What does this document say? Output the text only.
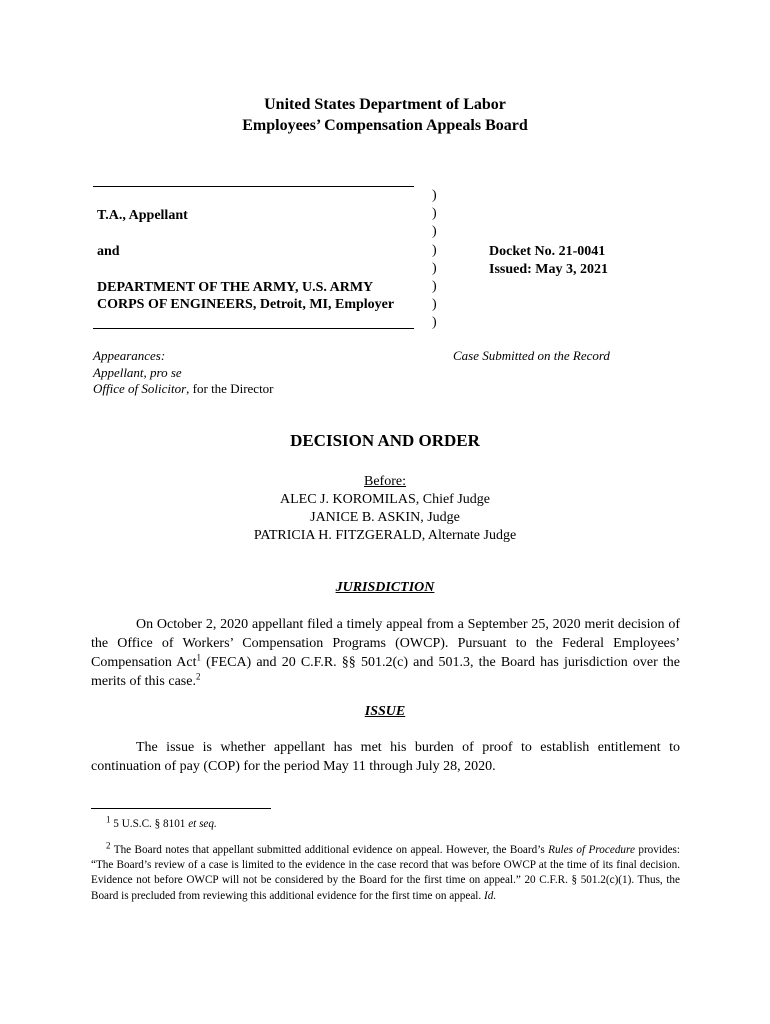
United States Department of Labor
Employees’ Compensation Appeals Board
)
)
)
)
)
)
)
)
T.A., Appellant
and
DEPARTMENT OF THE ARMY, U.S. ARMY
CORPS OF ENGINEERS, Detroit, MI, Employer
Docket No. 21-0041
Issued: May 3, 2021
Appearances:
Appellant, pro se
Office of Solicitor, for the Director
Case Submitted on the Record
DECISION AND ORDER
Before:
ALEC J. KOROMILAS, Chief Judge
JANICE B. ASKIN, Judge
PATRICIA H. FITZGERALD, Alternate Judge
JURISDICTION

On October 2, 2020 appellant filed a timely appeal from a September 25, 2020 merit decision of the Office of Workers’ Compensation Programs (OWCP). Pursuant to the Federal Employees’ Compensation Act$^1$ (FECA) and 20 C.F.R. §§ 501.2(c) and 501.3, the Board has jurisdiction over the merits of this case.$^2$

ISSUE

The issue is whether appellant has met his burden of proof to establish entitlement to continuation of pay (COP) for the period May 11 through July 28, 2020.

$^1$ 5 U.S.C. § 8101 et seq.

$^2$ The Board notes that appellant submitted additional evidence on appeal. However, the Board’s Rules of Procedure provides: “The Board’s review of a case is limited to the evidence in the case record that was before OWCP at the time of its final decision. Evidence not before OWCP will not be considered by the Board for the first time on appeal.” 20 C.F.R. § 501.2(c)(1). Thus, the Board is precluded from reviewing this additional evidence for the first time on appeal. Id.
